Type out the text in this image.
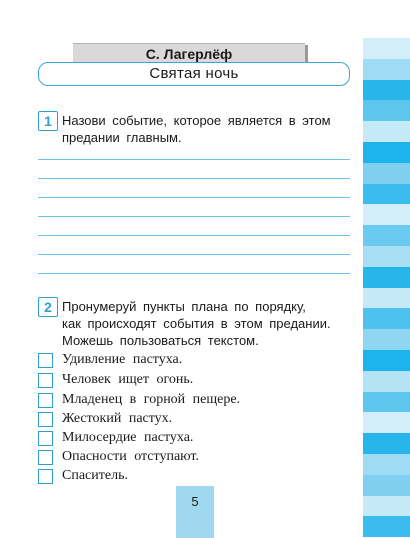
С. Лагерлёф
Святая ночь
1 Назови событие, которое является в этом
предании главным.
2 Пронумеруй пункты плана по порядку,
как происходят события в этом предании.
Можешь пользоваться текстом.
Удивление пастуха.
Человек ищет огонь.
Младенец в горной пещере.
Жестокий пастух.
Милосердие пастуха.
Опасности отступают.
Спаситель.
5
